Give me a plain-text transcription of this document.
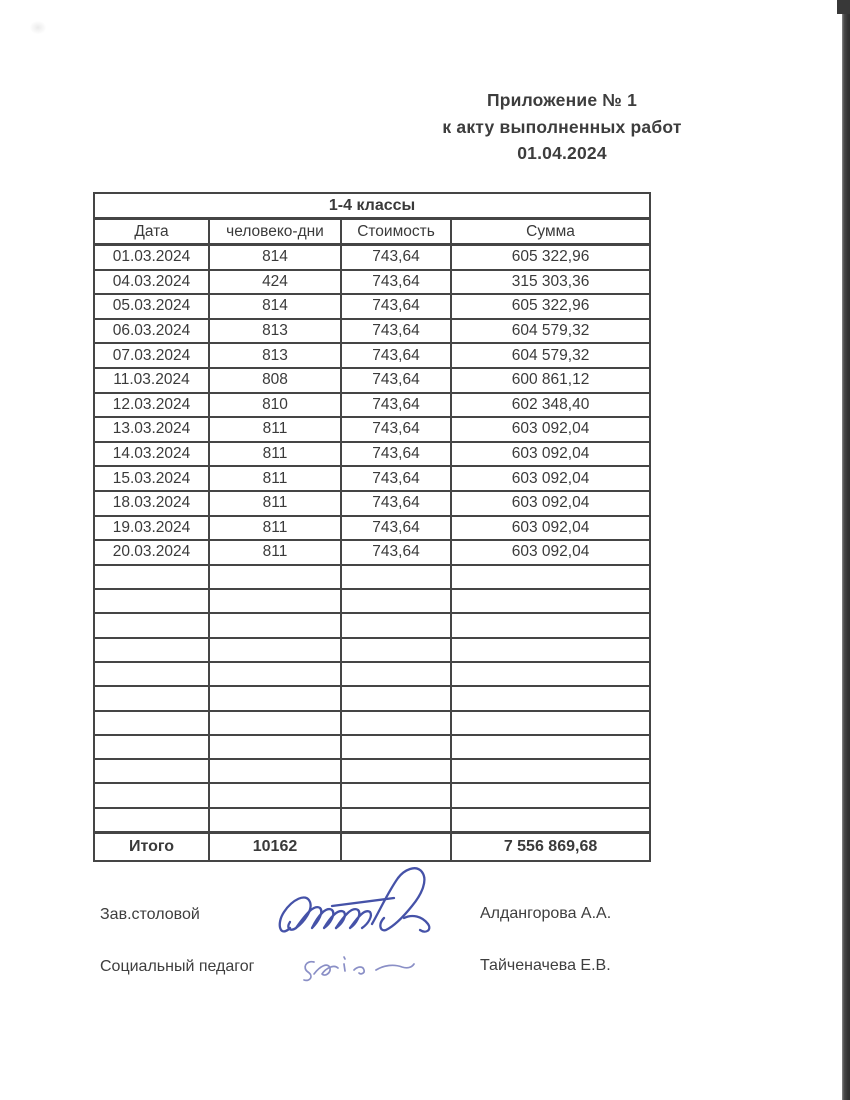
Приложение № 1
к акту выполненных работ
01.04.2024
1-4 классы			
Дата	человеко-дни	Стоимость	Сумма
01.03.2024	814	743,64	605 322,96
04.03.2024	424	743,64	315 303,36
05.03.2024	814	743,64	605 322,96
06.03.2024	813	743,64	604 579,32
07.03.2024	813	743,64	604 579,32
11.03.2024	808	743,64	600 861,12
12.03.2024	810	743,64	602 348,40
13.03.2024	811	743,64	603 092,04
14.03.2024	811	743,64	603 092,04
15.03.2024	811	743,64	603 092,04
18.03.2024	811	743,64	603 092,04
19.03.2024	811	743,64	603 092,04
20.03.2024	811	743,64	603 092,04

Итого	10162		7 556 869,68
Зав.столовой	Алдангорова А.А.
Социальный педагог	Тайченачева Е.В.
